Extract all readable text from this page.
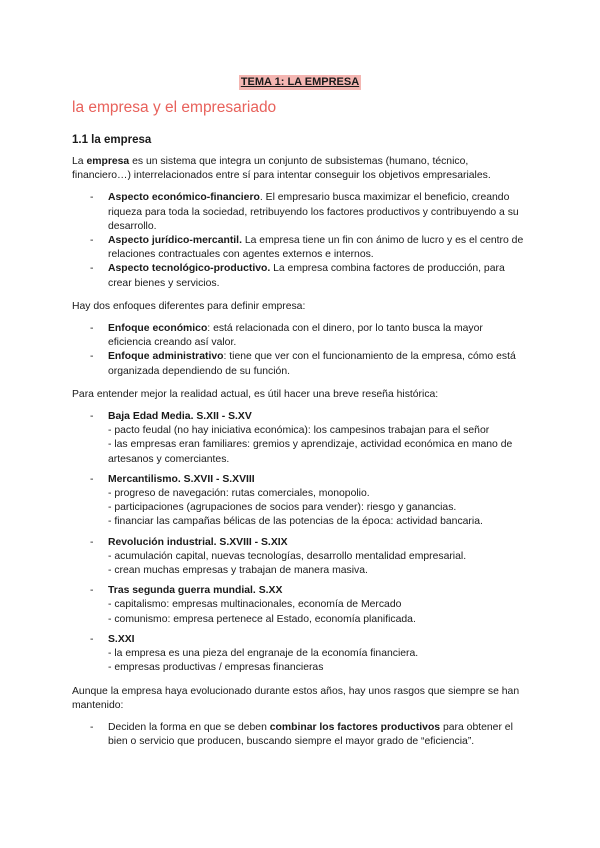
TEMA 1: LA EMPRESA
la empresa y el empresariado
1.1 la empresa

La empresa es un sistema que integra un conjunto de subsistemas (humano, técnico, financiero…) interrelacionados entre sí para intentar conseguir los objetivos empresariales.

- Aspecto económico-financiero. El empresario busca maximizar el beneficio, creando riqueza para toda la sociedad, retribuyendo los factores productivos y contribuyendo a su desarrollo.
- Aspecto jurídico-mercantil. La empresa tiene un fin con ánimo de lucro y es el centro de relaciones contractuales con agentes externos e internos.
- Aspecto tecnológico-productivo. La empresa combina factores de producción, para crear bienes y servicios.

Hay dos enfoques diferentes para definir empresa:

- Enfoque económico: está relacionada con el dinero, por lo tanto busca la mayor eficiencia creando así valor.
- Enfoque administrativo: tiene que ver con el funcionamiento de la empresa, cómo está organizada dependiendo de su función.

Para entender mejor la realidad actual, es útil hacer una breve reseña histórica:

- Baja Edad Media. S.XII - S.XV
- pacto feudal (no hay iniciativa económica): los campesinos trabajan para el señor
- las empresas eran familiares: gremios y aprendizaje, actividad económica en mano de artesanos y comerciantes.
- Mercantilismo. S.XVII - S.XVIII
- progreso de navegación: rutas comerciales, monopolio.
- participaciones (agrupaciones de socios para vender): riesgo y ganancias.
- financiar las campañas bélicas de las potencias de la época: actividad bancaria.
- Revolución industrial. S.XVIII - S.XIX
- acumulación capital, nuevas tecnologías, desarrollo mentalidad empresarial.
- crean muchas empresas y trabajan de manera masiva.
- Tras segunda guerra mundial. S.XX
- capitalismo: empresas multinacionales, economía de Mercado
- comunismo: empresa pertenece al Estado, economía planificada.
- S.XXI
- la empresa es una pieza del engranaje de la economía financiera.
- empresas productivas / empresas financieras

Aunque la empresa haya evolucionado durante estos años, hay unos rasgos que siempre se han mantenido:

- Deciden la forma en que se deben combinar los factores productivos para obtener el bien o servicio que producen, buscando siempre el mayor grado de “eficiencia”.
